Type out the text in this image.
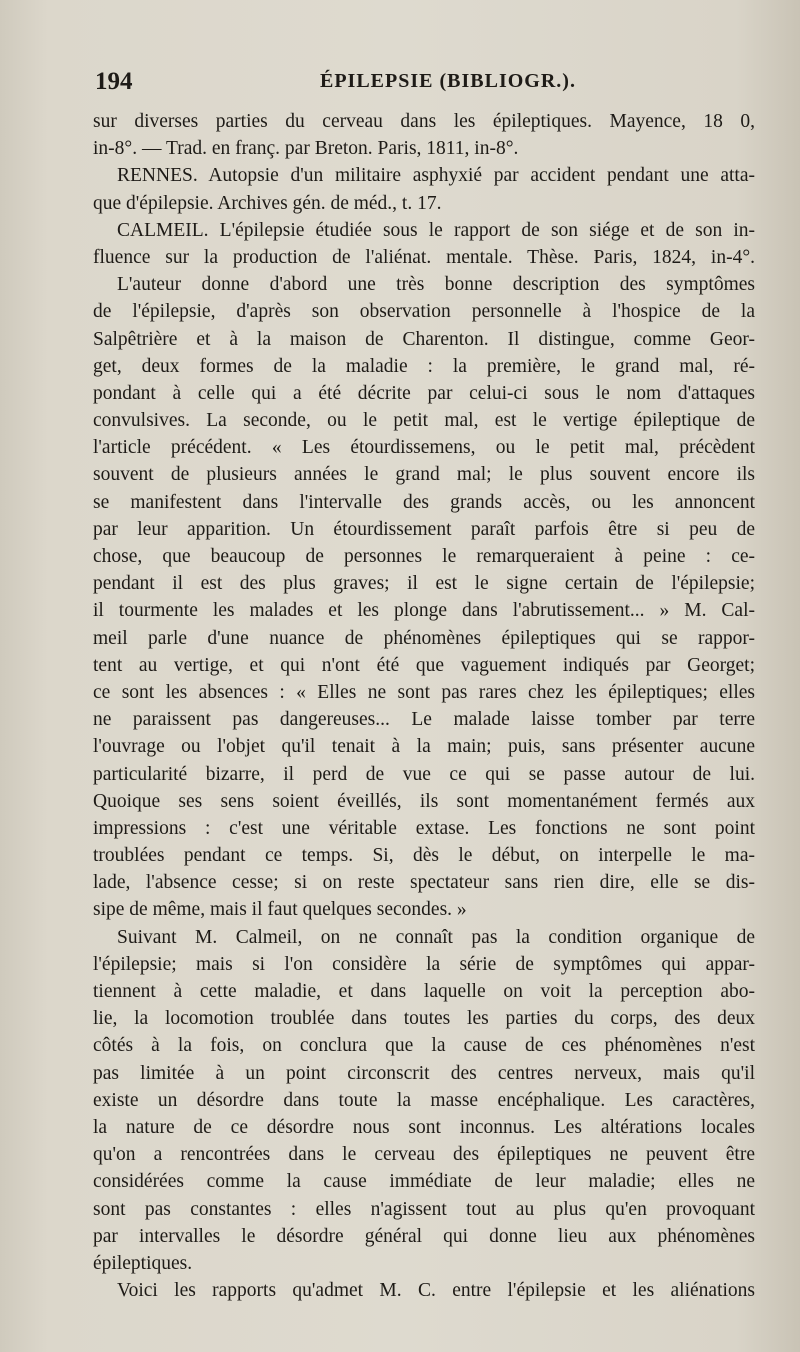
194	ÉPILEPSIE (BIBLIOGR.).
sur diverses parties du cerveau dans les épileptiques. Mayence, 18 0,
in-8°. — Trad. en franç. par Breton. Paris, 1811, in-8°.
RENNES. Autopsie d'un militaire asphyxié par accident pendant une atta-
que d'épilepsie. Archives gén. de méd., t. 17.
CALMEIL. L'épilepsie étudiée sous le rapport de son siége et de son in-
fluence sur la production de l'aliénat. mentale. Thèse. Paris, 1824, in-4°.
L'auteur donne d'abord une très bonne description des symptômes
de l'épilepsie, d'après son observation personnelle à l'hospice de la
Salpêtrière et à la maison de Charenton. Il distingue, comme Geor-
get, deux formes de la maladie : la première, le grand mal, ré-
pondant à celle qui a été décrite par celui-ci sous le nom d'attaques
convulsives. La seconde, ou le petit mal, est le vertige épileptique de
l'article précédent. « Les étourdissemens, ou le petit mal, précèdent
souvent de plusieurs années le grand mal; le plus souvent encore ils
se manifestent dans l'intervalle des grands accès, ou les annoncent
par leur apparition. Un étourdissement paraît parfois être si peu de
chose, que beaucoup de personnes le remarqueraient à peine : ce-
pendant il est des plus graves; il est le signe certain de l'épilepsie;
il tourmente les malades et les plonge dans l'abrutissement... » M. Cal-
meil parle d'une nuance de phénomènes épileptiques qui se rappor-
tent au vertige, et qui n'ont été que vaguement indiqués par Georget;
ce sont les absences : « Elles ne sont pas rares chez les épileptiques; elles
ne paraissent pas dangereuses... Le malade laisse tomber par terre
l'ouvrage ou l'objet qu'il tenait à la main; puis, sans présenter aucune
particularité bizarre, il perd de vue ce qui se passe autour de lui.
Quoique ses sens soient éveillés, ils sont momentanément fermés aux
impressions : c'est une véritable extase. Les fonctions ne sont point
troublées pendant ce temps. Si, dès le début, on interpelle le ma-
lade, l'absence cesse; si on reste spectateur sans rien dire, elle se dis-
sipe de même, mais il faut quelques secondes. »
Suivant M. Calmeil, on ne connaît pas la condition organique de
l'épilepsie; mais si l'on considère la série de symptômes qui appar-
tiennent à cette maladie, et dans laquelle on voit la perception abo-
lie, la locomotion troublée dans toutes les parties du corps, des deux
côtés à la fois, on conclura que la cause de ces phénomènes n'est
pas limitée à un point circonscrit des centres nerveux, mais qu'il
existe un désordre dans toute la masse encéphalique. Les caractères,
la nature de ce désordre nous sont inconnus. Les altérations locales
qu'on a rencontrées dans le cerveau des épileptiques ne peuvent être
considérées comme la cause immédiate de leur maladie; elles ne
sont pas constantes : elles n'agissent tout au plus qu'en provoquant
par intervalles le désordre général qui donne lieu aux phénomènes
épileptiques.
Voici les rapports qu'admet M. C. entre l'épilepsie et les aliénations
